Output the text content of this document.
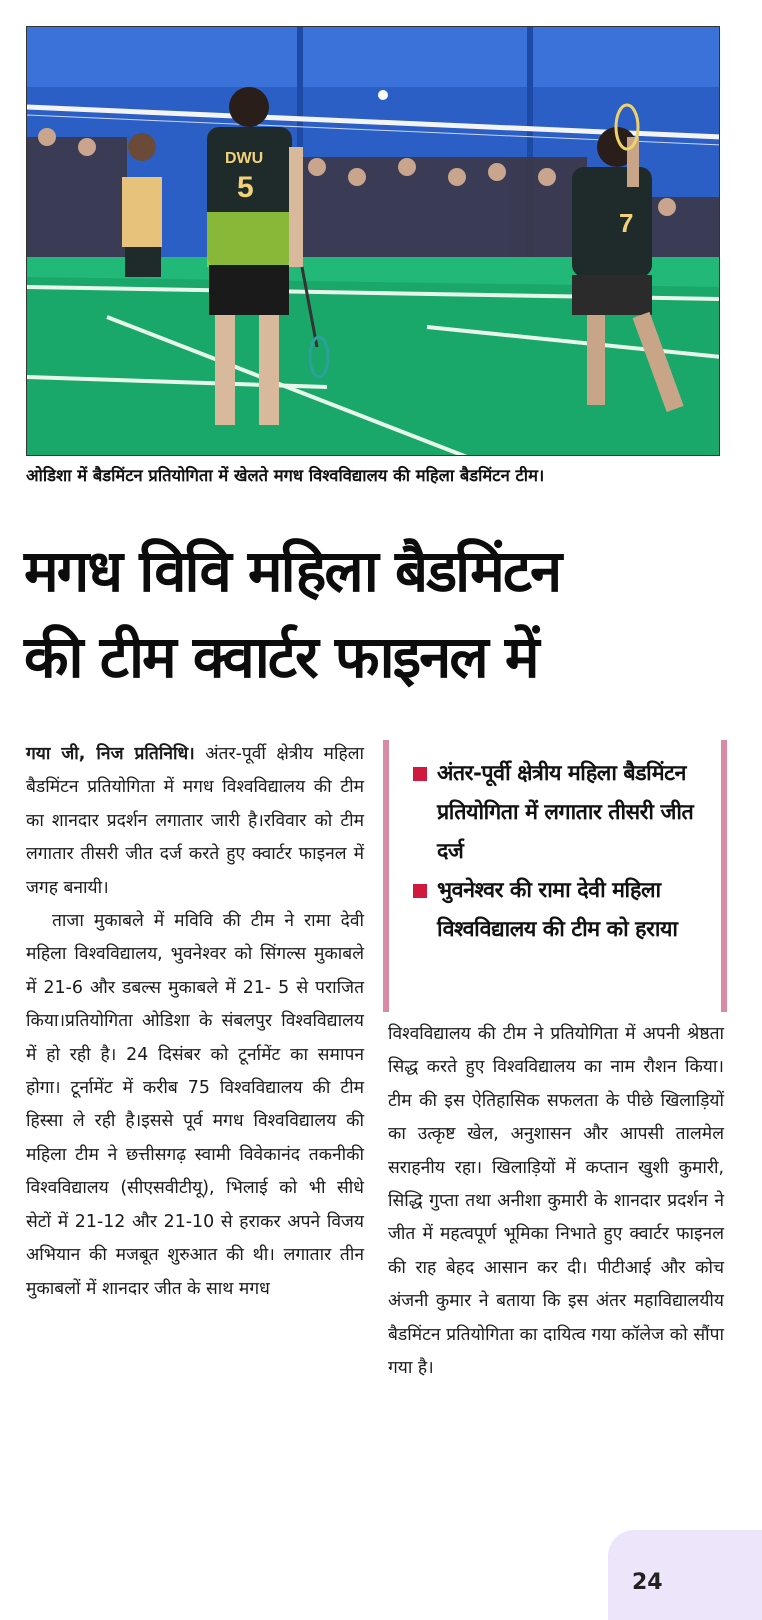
DWU
5
7
ओडिशा में बैडमिंटन प्रतियोगिता में खेलते मगध विश्वविद्यालय की महिला बैडमिंटन टीम।
मगध विवि महिला बैडमिंटन
की टीम क्वार्टर फाइनल में

गया जी, निज प्रतिनिधि। अंतर-पूर्वी क्षेत्रीय महिला बैडमिंटन प्रतियोगिता में मगध विश्वविद्यालय की टीम का शानदार प्रदर्शन लगातार जारी है।रविवार को टीम लगातार तीसरी जीत दर्ज करते हुए क्वार्टर फाइनल में जगह बनायी।

ताजा मुकाबले में मविवि की टीम ने रामा देवी महिला विश्वविद्यालय, भुवनेश्वर को सिंगल्स मुकाबले में 21-6 और डबल्स मुकाबले में 21- 5 से पराजित किया।प्रतियोगिता ओडिशा के संबलपुर विश्वविद्यालय में हो रही है। 24 दिसंबर को टूर्नामेंट का समापन होगा। टूर्नामेंट में करीब 75 विश्वविद्यालय की टीम हिस्सा ले रही है।इससे पूर्व मगध विश्वविद्यालय की महिला टीम ने छत्तीसगढ़ स्वामी विवेकानंद तकनीकी विश्वविद्यालय (सीएसवीटीयू), भिलाई को भी सीधे सेटों में 21-12 और 21-10 से हराकर अपने विजय अभियान की मजबूत शुरुआत की थी। लगातार तीन मुकाबलों में शानदार जीत के साथ मगध

अंतर-पूर्वी क्षेत्रीय महिला बैडमिंटन प्रतियोगिता में लगातार तीसरी जीत दर्ज
भुवनेश्वर की रामा देवी महिला विश्वविद्यालय की टीम को हराया

विश्वविद्यालय की टीम ने प्रतियोगिता में अपनी श्रेष्ठता सिद्ध करते हुए विश्वविद्यालय का नाम रौशन किया। टीम की इस ऐतिहासिक सफलता के पीछे खिलाड़ियों का उत्कृष्ट खेल, अनुशासन और आपसी तालमेल सराहनीय रहा। खिलाड़ियों में कप्तान खुशी कुमारी, सिद्धि गुप्ता तथा अनीशा कुमारी के शानदार प्रदर्शन ने जीत में महत्वपूर्ण भूमिका निभाते हुए क्वार्टर फाइनल की राह बेहद आसान कर दी। पीटीआई और कोच अंजनी कुमार ने बताया कि इस अंतर महाविद्यालयीय बैडमिंटन प्रतियोगिता का दायित्व गया कॉलेज को सौंपा गया है।

24
